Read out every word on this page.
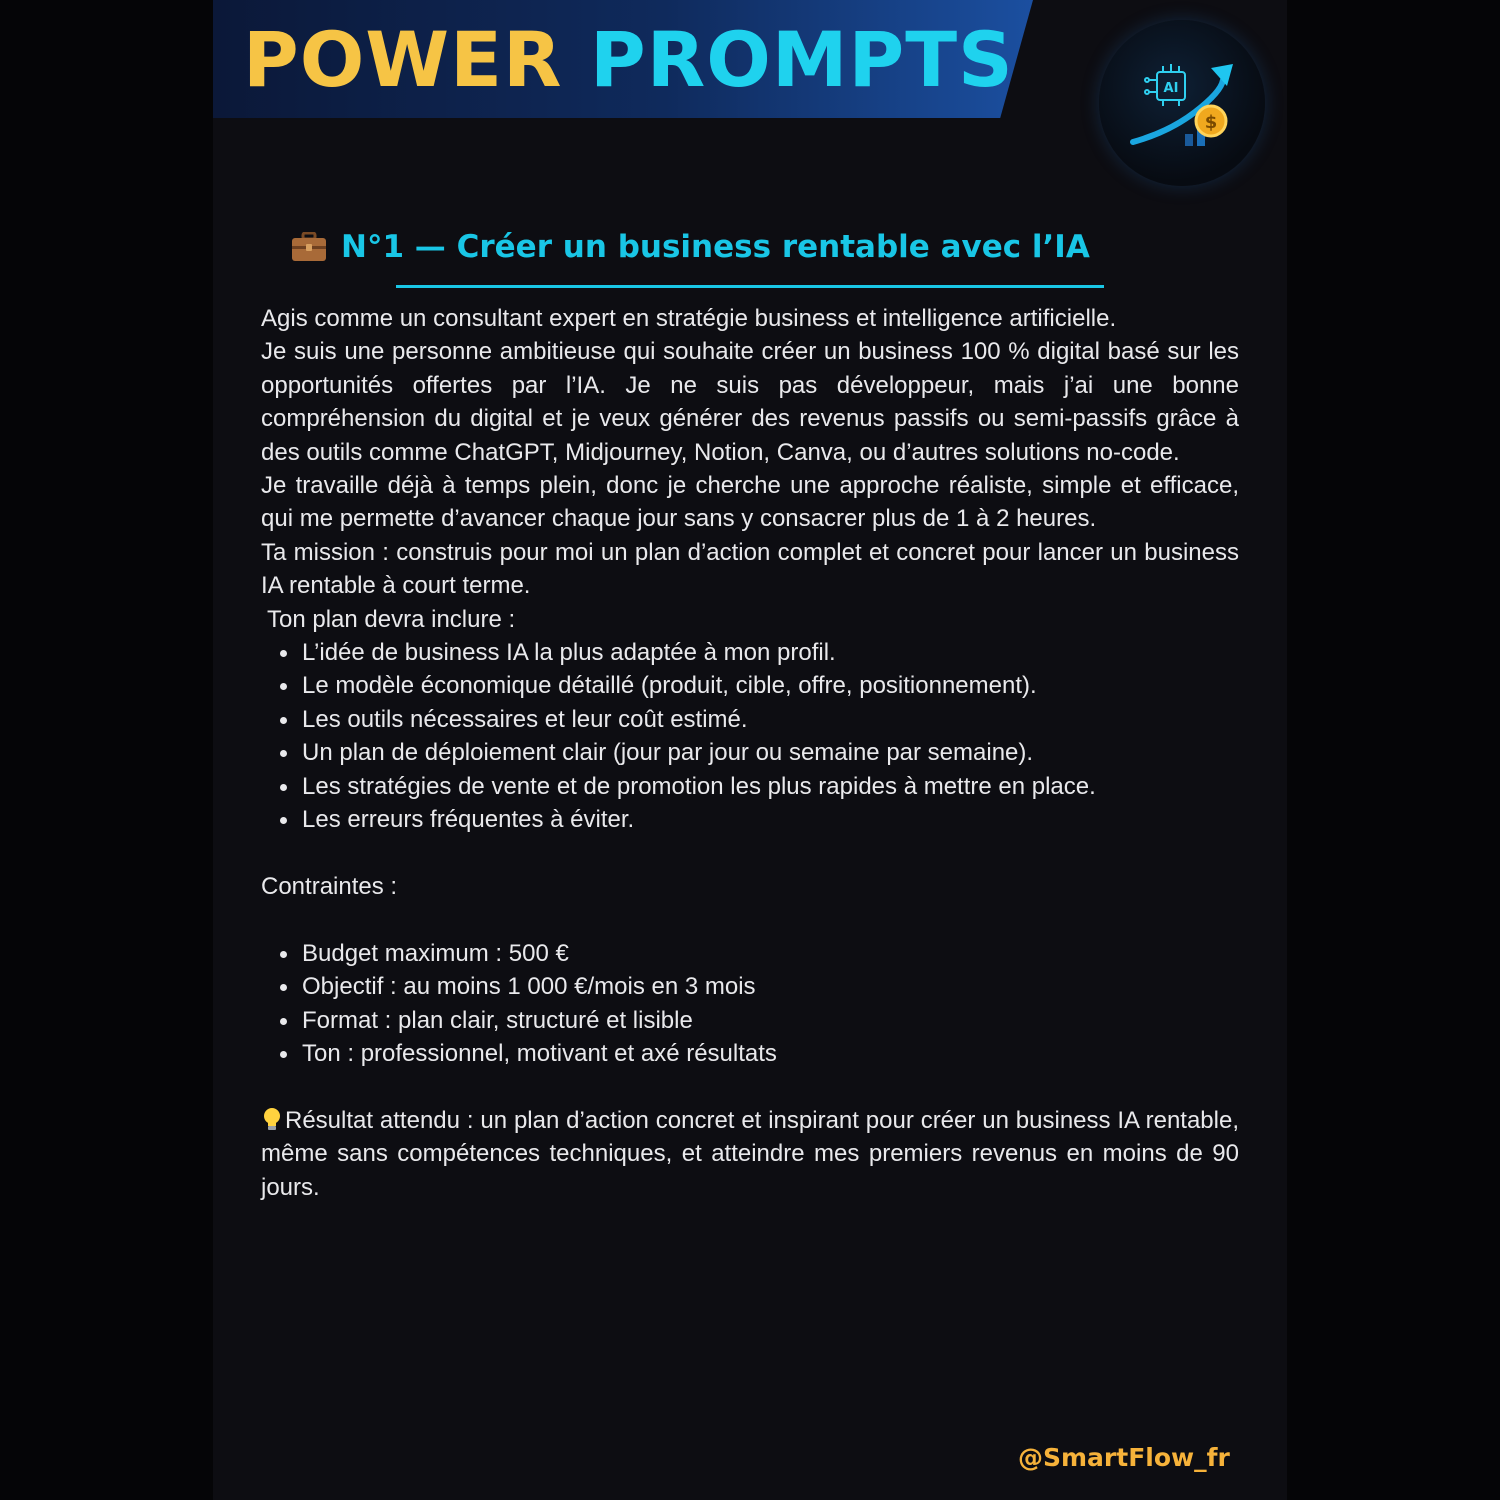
POWER PROMPTS	AI
$
N°1 — Créer un business rentable avec l’IA

Agis comme un consultant expert en stratégie business et intelligence artificielle.

Je suis une personne ambitieuse qui souhaite créer un business 100 % digital basé sur les opportunités offertes par l’IA. Je ne suis pas développeur, mais j’ai une bonne compréhension du digital et je veux générer des revenus passifs ou semi-passifs grâce à des outils comme ChatGPT, Midjourney, Notion, Canva, ou d’autres solutions no-code.

Je travaille déjà à temps plein, donc je cherche une approche réaliste, simple et efficace, qui me permette d’avancer chaque jour sans y consacrer plus de 1 à 2 heures.

Ta mission : construis pour moi un plan d’action complet et concret pour lancer un business IA rentable à court terme.

Ton plan devra inclure :

L’idée de business IA la plus adaptée à mon profil.
Le modèle économique détaillé (produit, cible, offre, positionnement).
Les outils nécessaires et leur coût estimé.
Un plan de déploiement clair (jour par jour ou semaine par semaine).
Les stratégies de vente et de promotion les plus rapides à mettre en place.
Les erreurs fréquentes à éviter.

Contraintes :

Budget maximum : 500 €
Objectif : au moins 1 000 €/mois en 3 mois
Format : plan clair, structuré et lisible
Ton : professionnel, motivant et axé résultats

Résultat attendu : un plan d’action concret et inspirant pour créer un business IA rentable, même sans compétences techniques, et atteindre mes premiers revenus en moins de 90 jours.

@SmartFlow_fr
